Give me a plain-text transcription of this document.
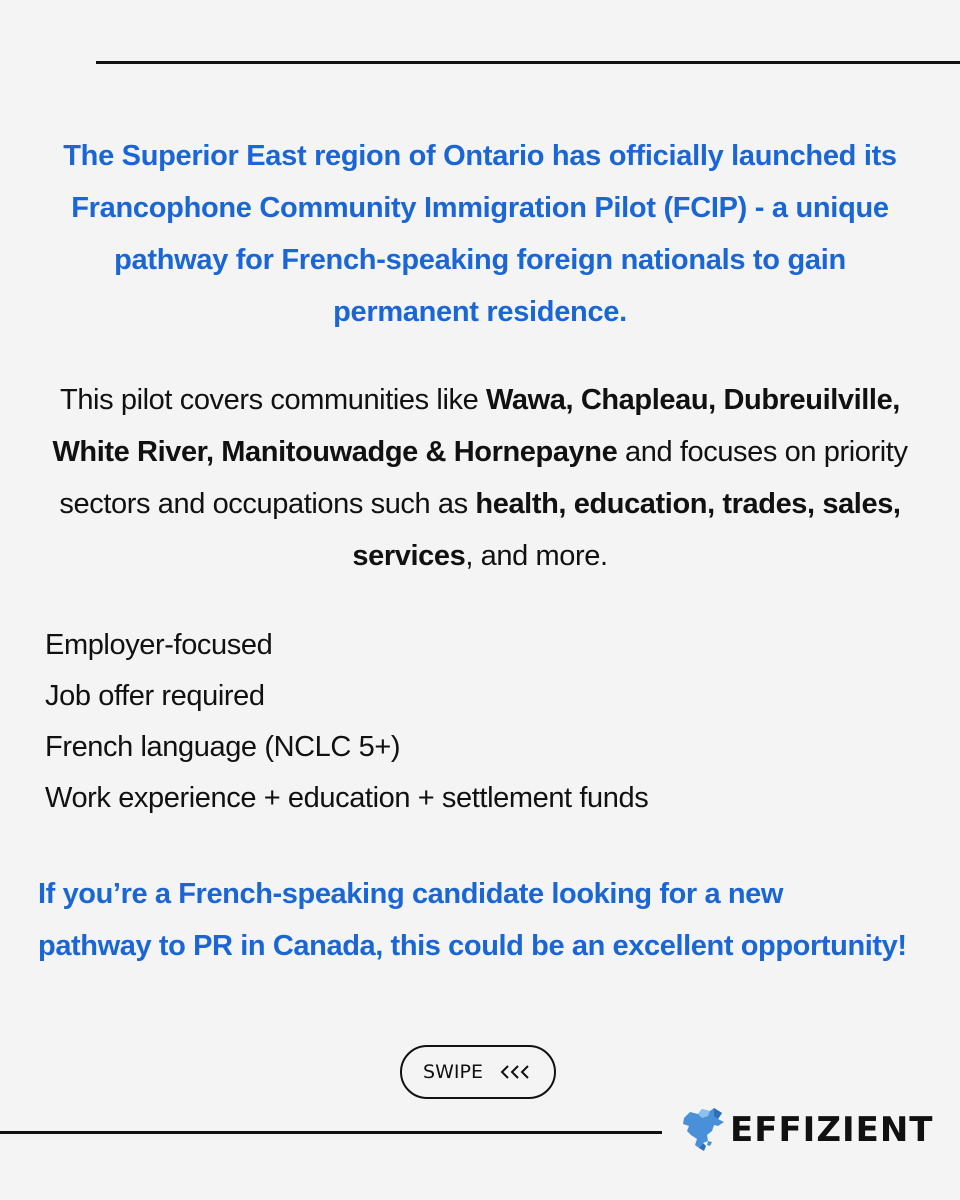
The Superior East region of Ontario has officially launched its
Francophone Community Immigration Pilot (FCIP) - a unique
pathway for French-speaking foreign nationals to gain
permanent residence.
This pilot covers communities like Wawa, Chapleau, Dubreuilville, White River, Manitouwadge & Hornepayne and focuses on priority sectors and occupations such as health, education, trades, sales, services, and more.
Employer-focused
Job offer required
French language (NCLC 5+)
Work experience + education + settlement funds
If you’re a French-speaking candidate looking for a new
pathway to PR in Canada, this could be an excellent opportunity!
SWIPE
EFFIZIENT
